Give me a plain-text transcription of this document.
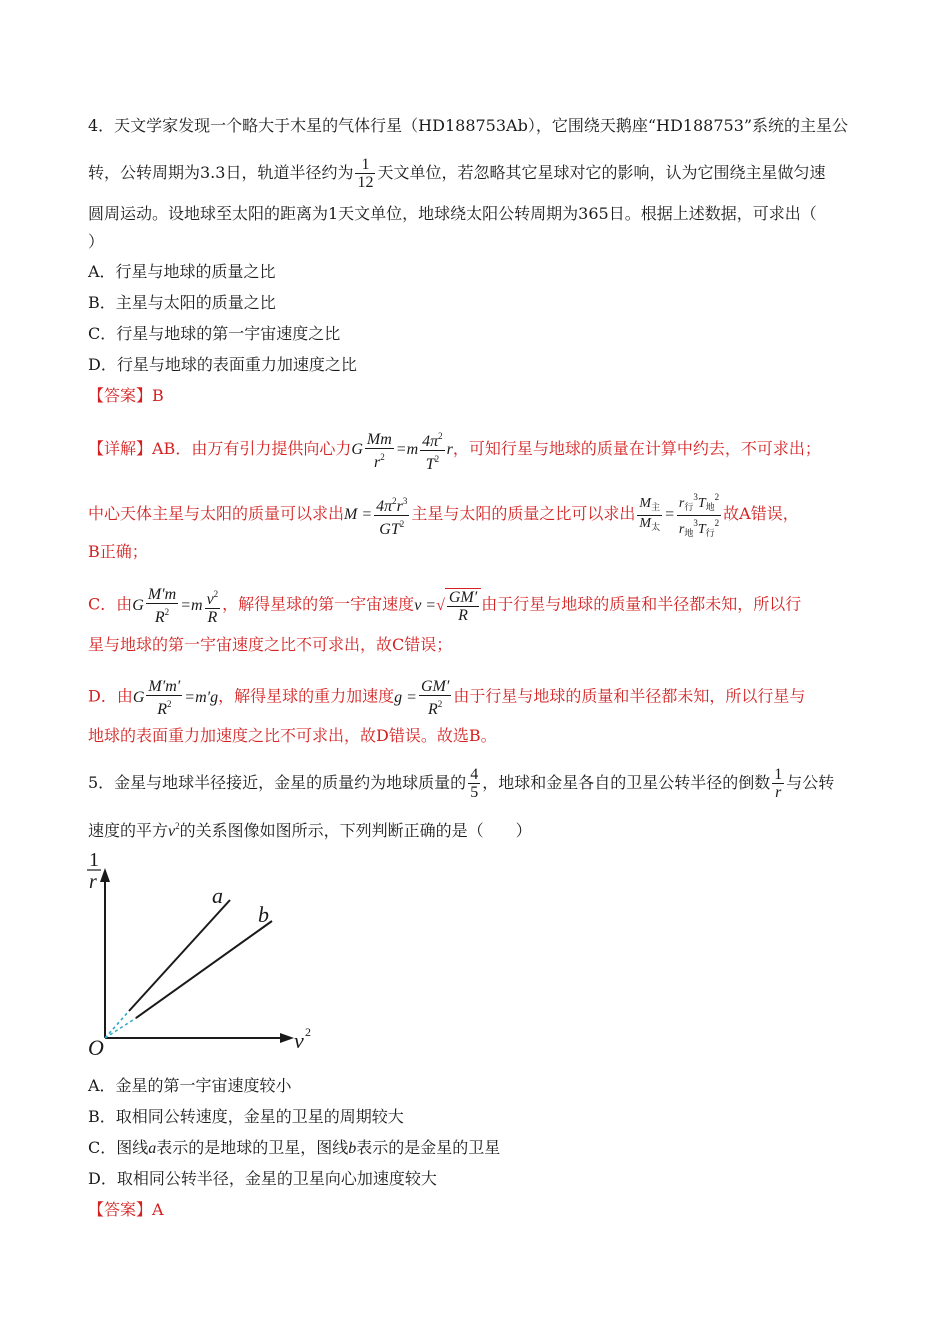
4．天文学家发现一个略大于木星的气体行星（HD188753Ab），它围绕天鹅座“HD188753”系统的主星公
转，公转周期为3.3日，轨道半径约为 $\frac{1}{12}$ 天文单位，若忽略其它星球对它的影响，认为它围绕主星做匀速
圆周运动。设地球至太阳的距离为1天文单位，地球绕太阳公转周期为365日。根据上述数据，可求出（
）
A．行星与地球的质量之比
B．主星与太阳的质量之比
C．行星与地球的第一宇宙速度之比
D．行星与地球的表面重力加速度之比
【答案】B
【详解】AB．由万有引力提供向心力G $\frac{Mm}{r^2} =m \frac{4\pi^2}{T^2}$ r，可知行星与地球的质量在计算中约去，不可求出；
中心天体主星与太阳的质量可以求出$M = \frac{4\pi^2r^3}{GT^2}$ 主星与太阳的质量之比可以求出 $\frac{M_主}{M_太} = \frac{r_行^3T_地^2}{r_地^3T_行^2}$ 故A错误，
B正确；
C．由G $\frac{M'm}{R^2} =m \frac{v^2}{R}$ ，解得星球的第一宇宙速度v =√ $\frac{GM'}{R}$ 由于行星与地球的质量和半径都未知，所以行
星与地球的第一宇宙速度之比不可求出，故C错误；
D．由G $\frac{M'm'}{R^2} =m'g$，解得星球的重力加速度$g = \frac{GM'}{R^2}$ 由于行星与地球的质量和半径都未知，所以行星与
地球的表面重力加速度之比不可求出，故D错误。故选B。
5．金星与地球半径接近，金星的质量约为地球质量的 $\frac{4}{5}$ ，地球和金星各自的卫星公转半径的倒数 $\frac{1}{r}$ 与公转
速度的平方$v^2$的关系图像如图所示，下列判断正确的是（　　）
1
r
v 2
O
a
b
A．金星的第一宇宙速度较小
B．取相同公转速度，金星的卫星的周期较大
C．图线a表示的是地球的卫星，图线b表示的是金星的卫星
D．取相同公转半径，金星的卫星向心加速度较大
【答案】A
